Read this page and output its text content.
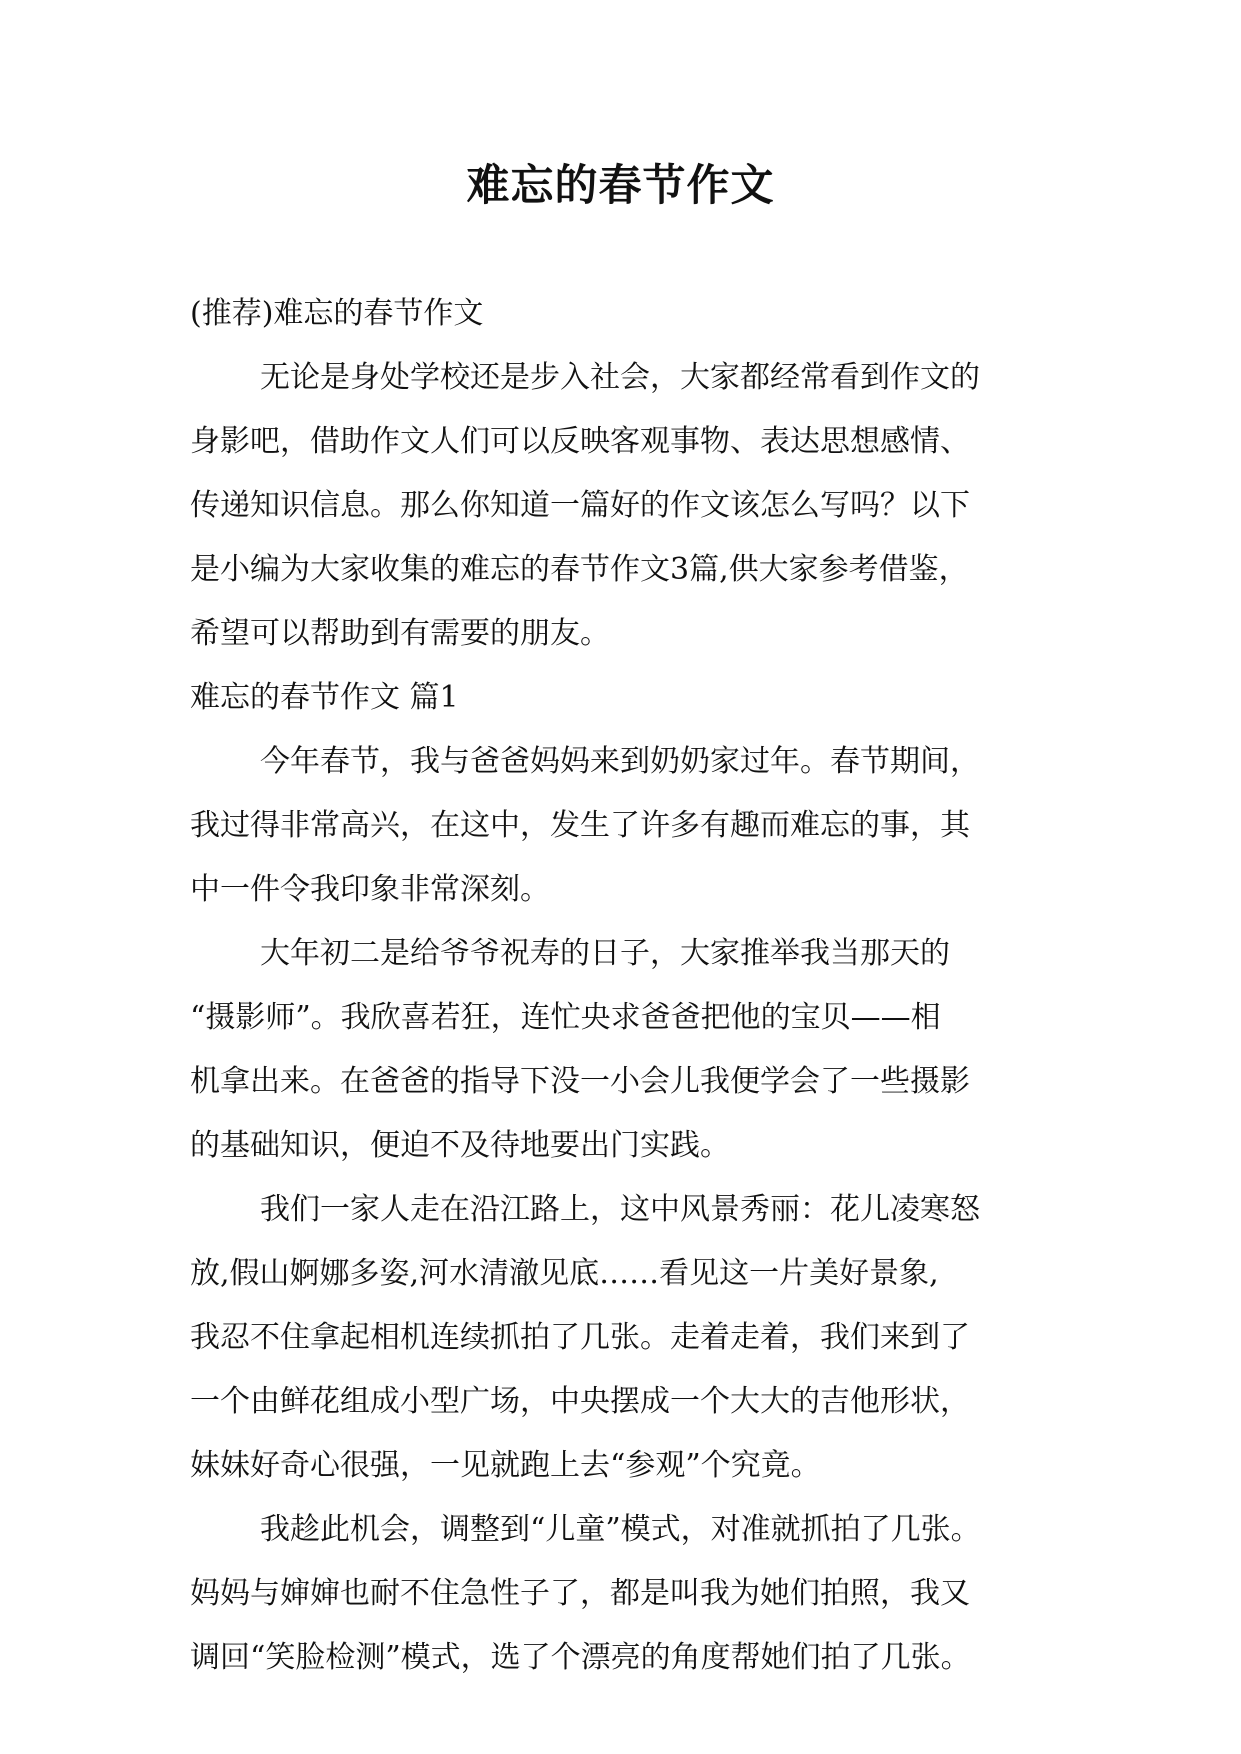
难忘的春节作文

(推荐)难忘的春节作文

无论是身处学校还是步入社会，大家都经常看到作文的

身影吧，借助作文人们可以反映客观事物、表达思想感情、

传递知识信息。那么你知道一篇好的作文该怎么写吗？以下

是小编为大家收集的难忘的春节作文3篇,供大家参考借鉴，

希望可以帮助到有需要的朋友。

难忘的春节作文 篇1

今年春节，我与爸爸妈妈来到奶奶家过年。春节期间，

我过得非常高兴，在这中，发生了许多有趣而难忘的事，其

中一件令我印象非常深刻。

大年初二是给爷爷祝寿的日子，大家推举我当那天的

“摄影师”。我欣喜若狂，连忙央求爸爸把他的宝贝——相

机拿出来。在爸爸的指导下没一小会儿我便学会了一些摄影

的基础知识，便迫不及待地要出门实践。

我们一家人走在沿江路上，这中风景秀丽：花儿凌寒怒

放,假山婀娜多姿,河水清澈见底……看见这一片美好景象,

我忍不住拿起相机连续抓拍了几张。走着走着，我们来到了

一个由鲜花组成小型广场，中央摆成一个大大的吉他形状，

妹妹好奇心很强，一见就跑上去“参观”个究竟。

我趁此机会，调整到“儿童”模式，对准就抓拍了几张。

妈妈与婶婶也耐不住急性子了，都是叫我为她们拍照，我又

调回“笑脸检测”模式，选了个漂亮的角度帮她们拍了几张。
